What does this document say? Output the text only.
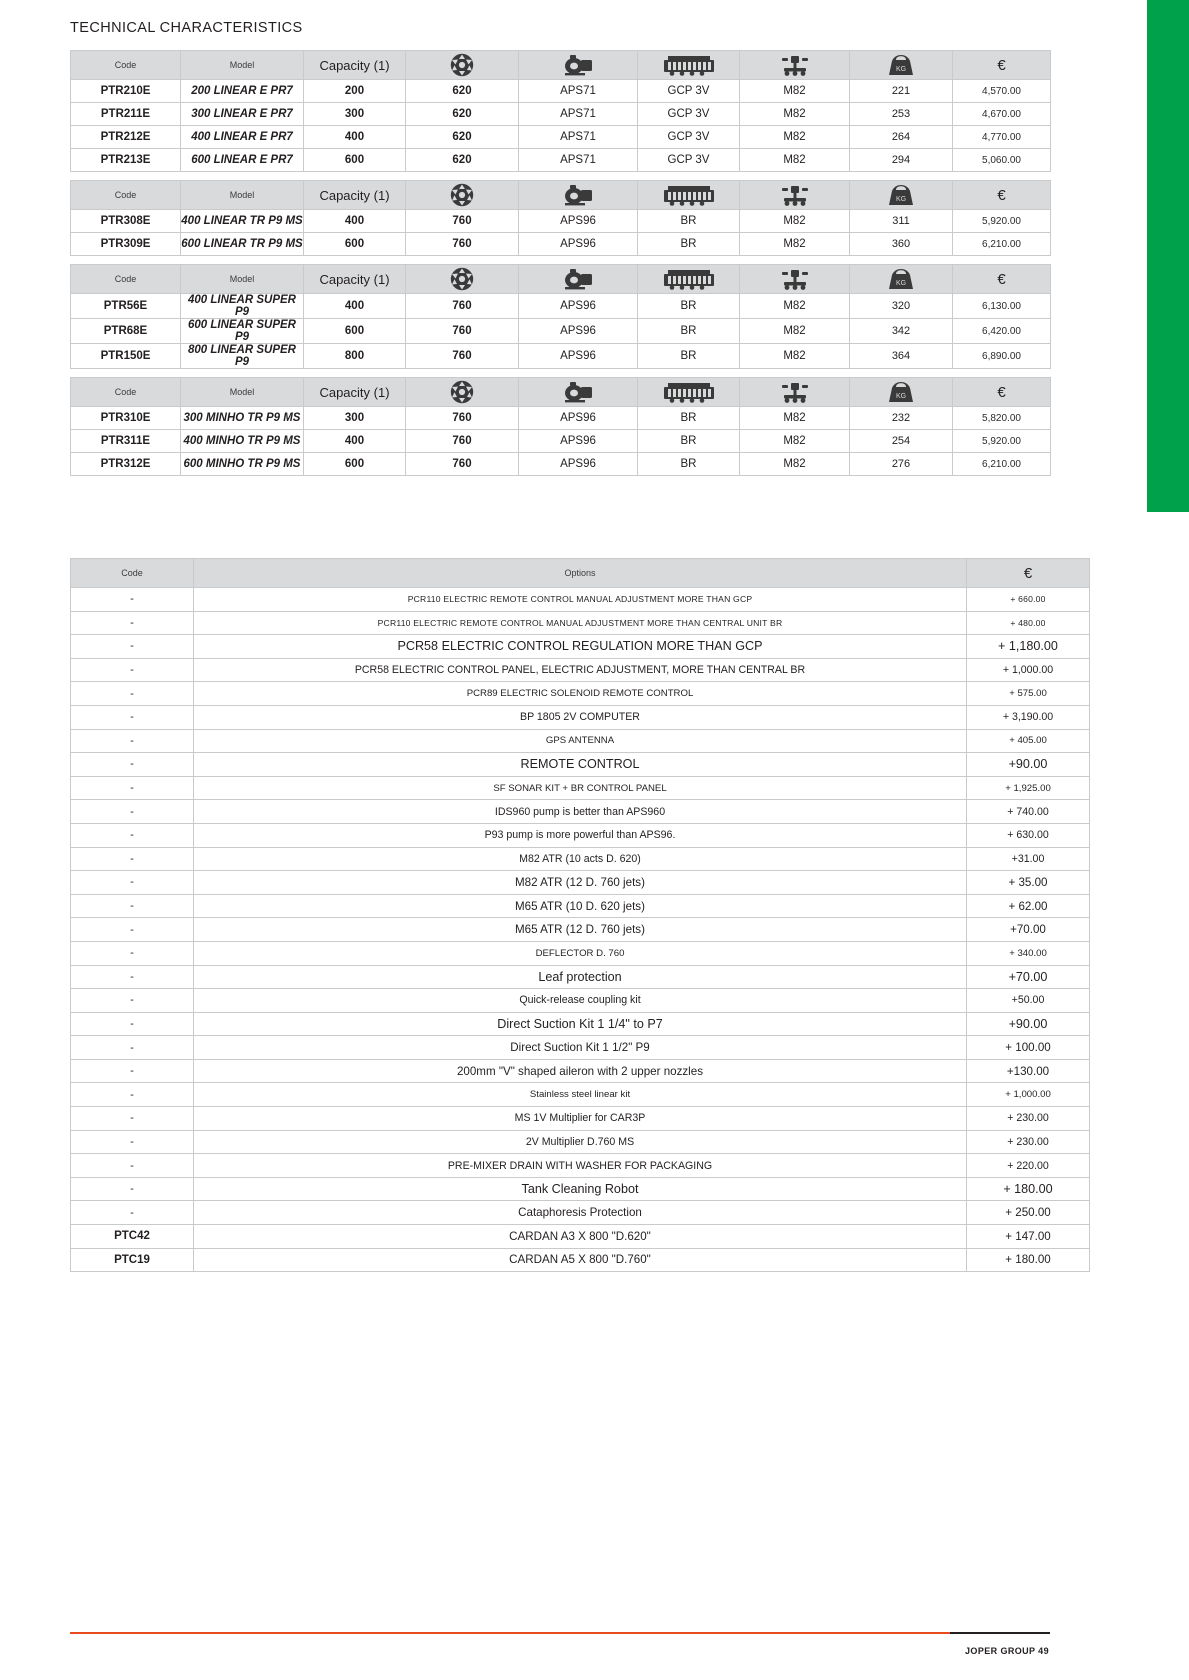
TECHNICAL CHARACTERISTICS
Code	Model	Capacity (1)					KG	€
PTR210E	200 LINEAR E PR7	200	620	APS71	GCP 3V	M82	221	4,570.00
PTR211E	300 LINEAR E PR7	300	620	APS71	GCP 3V	M82	253	4,670.00
PTR212E	400 LINEAR E PR7	400	620	APS71	GCP 3V	M82	264	4,770.00
PTR213E	600 LINEAR E PR7	600	620	APS71	GCP 3V	M82	294	5,060.00
Code	Model	Capacity (1)					KG	€
PTR308E	400 LINEAR TR P9 MS	400	760	APS96	BR	M82	311	5,920.00
PTR309E	600 LINEAR TR P9 MS	600	760	APS96	BR	M82	360	6,210.00
Code	Model	Capacity (1)					KG	€
PTR56E	400 LINEAR SUPER P9	400	760	APS96	BR	M82	320	6,130.00
PTR68E	600 LINEAR SUPER P9	600	760	APS96	BR	M82	342	6,420.00
PTR150E	800 LINEAR SUPER P9	800	760	APS96	BR	M82	364	6,890.00
Code	Model	Capacity (1)					KG	€
PTR310E	300 MINHO TR P9 MS	300	760	APS96	BR	M82	232	5,820.00
PTR311E	400 MINHO TR P9 MS	400	760	APS96	BR	M82	254	5,920.00
PTR312E	600 MINHO TR P9 MS	600	760	APS96	BR	M82	276	6,210.00
Code	Options	€
-	PCR110 ELECTRIC REMOTE CONTROL MANUAL ADJUSTMENT MORE THAN GCP	+ 660.00
-	PCR110 ELECTRIC REMOTE CONTROL MANUAL ADJUSTMENT MORE THAN CENTRAL UNIT BR	+ 480.00
-	PCR58 ELECTRIC CONTROL REGULATION MORE THAN GCP	+ 1,180.00
-	PCR58 ELECTRIC CONTROL PANEL, ELECTRIC ADJUSTMENT, MORE THAN CENTRAL BR	+ 1,000.00
-	PCR89 ELECTRIC SOLENOID REMOTE CONTROL	+ 575.00
-	BP 1805 2V COMPUTER	+ 3,190.00
-	GPS ANTENNA	+ 405.00
-	REMOTE CONTROL	+90.00
-	SF SONAR KIT + BR CONTROL PANEL	+ 1,925.00
-	IDS960 pump is better than APS960	+ 740.00
-	P93 pump is more powerful than APS96.	+ 630.00
-	M82 ATR (10 acts D. 620)	+31.00
-	M82 ATR (12 D. 760 jets)	+ 35.00
-	M65 ATR (10 D. 620 jets)	+ 62.00
-	M65 ATR (12 D. 760 jets)	+70.00
-	DEFLECTOR D. 760	+ 340.00
-	Leaf protection	+70.00
-	Quick-release coupling kit	+50.00
-	Direct Suction Kit 1 1/4" to P7	+90.00
-	Direct Suction Kit 1 1/2" P9	+ 100.00
-	200mm "V" shaped aileron with 2 upper nozzles	+130.00
-	Stainless steel linear kit	+ 1,000.00
-	MS 1V Multiplier for CAR3P	+ 230.00
-	2V Multiplier D.760 MS	+ 230.00
-	PRE-MIXER DRAIN WITH WASHER FOR PACKAGING	+ 220.00
-	Tank Cleaning Robot	+ 180.00
-	Cataphoresis Protection	+ 250.00
PTC42	CARDAN A3 X 800 "D.620"	+ 147.00
PTC19	CARDAN A5 X 800 "D.760"	+ 180.00
JOPER GROUP 49
